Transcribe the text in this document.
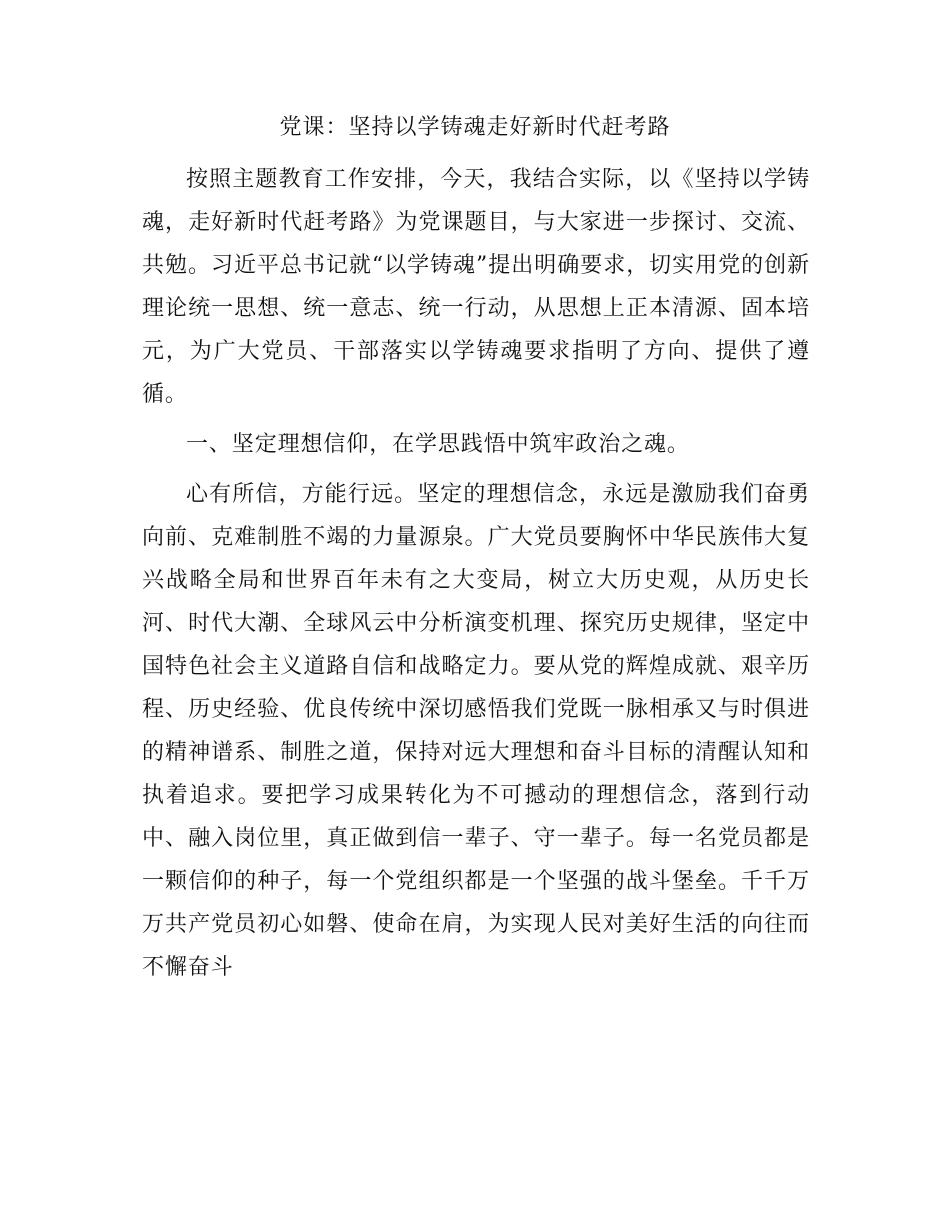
党课：坚持以学铸魂走好新时代赶考路

按照主题教育工作安排，今天，我结合实际，以《坚持以学铸魂，走好新时代赶考路》为党课题目，与大家进一步探讨、交流、共勉。习近平总书记就“以学铸魂”提出明确要求，切实用党的创新理论统一思想、统一意志、统一行动，从思想上正本清源、固本培元，为广大党员、干部落实以学铸魂要求指明了方向、提供了遵循。

一、坚定理想信仰，在学思践悟中筑牢政治之魂。

心有所信，方能行远。坚定的理想信念，永远是激励我们奋勇向前、克难制胜不竭的力量源泉。广大党员要胸怀中华民族伟大复兴战略全局和世界百年未有之大变局，树立大历史观，从历史长河、时代大潮、全球风云中分析演变机理、探究历史规律，坚定中国特色社会主义道路自信和战略定力。要从党的辉煌成就、艰辛历程、历史经验、优良传统中深切感悟我们党既一脉相承又与时俱进的精神谱系、制胜之道，保持对远大理想和奋斗目标的清醒认知和执着追求。要把学习成果转化为不可撼动的理想信念，落到行动中、融入岗位里，真正做到信一辈子、守一辈子。每一名党员都是一颗信仰的种子，每一个党组织都是一个坚强的战斗堡垒。千千万万共产党员初心如磐、使命在肩，为实现人民对美好生活的向往而不懈奋斗
